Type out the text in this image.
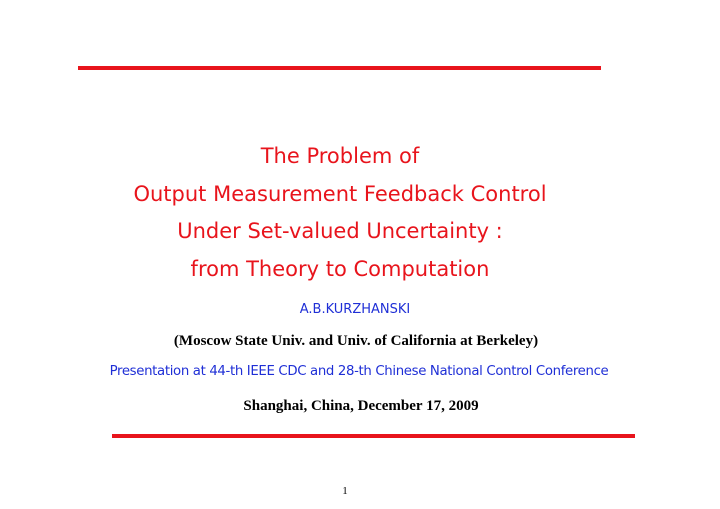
The Problem of
Output Measurement Feedback Control
Under Set-valued Uncertainty :
from Theory to Computation
A.B.KURZHANSKI
(Moscow State Univ. and Univ. of California at Berkeley)
Presentation at 44-th IEEE CDC and 28-th Chinese National Control Conference
Shanghai, China, December 17, 2009
1
